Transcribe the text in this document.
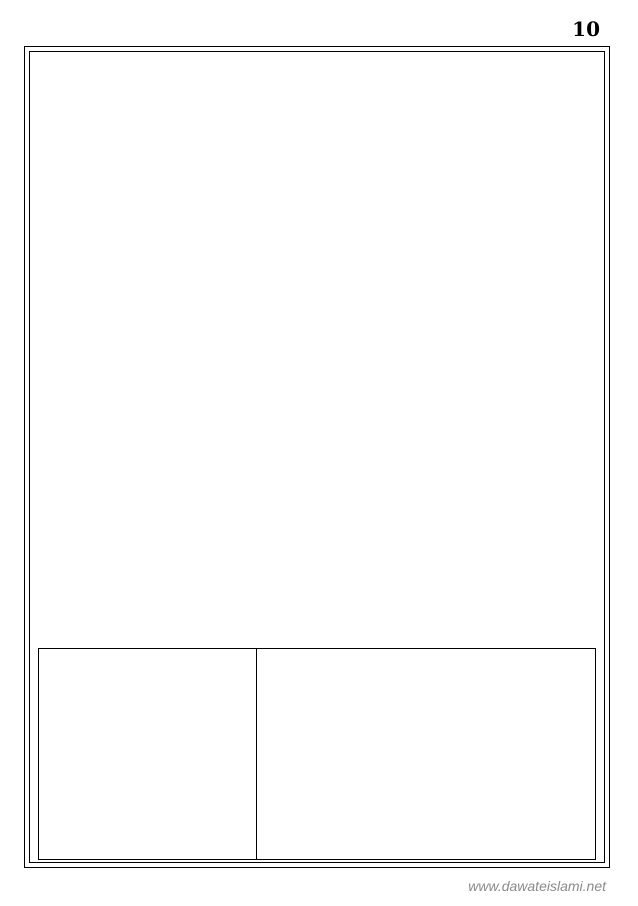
10

www.dawateislami.net
